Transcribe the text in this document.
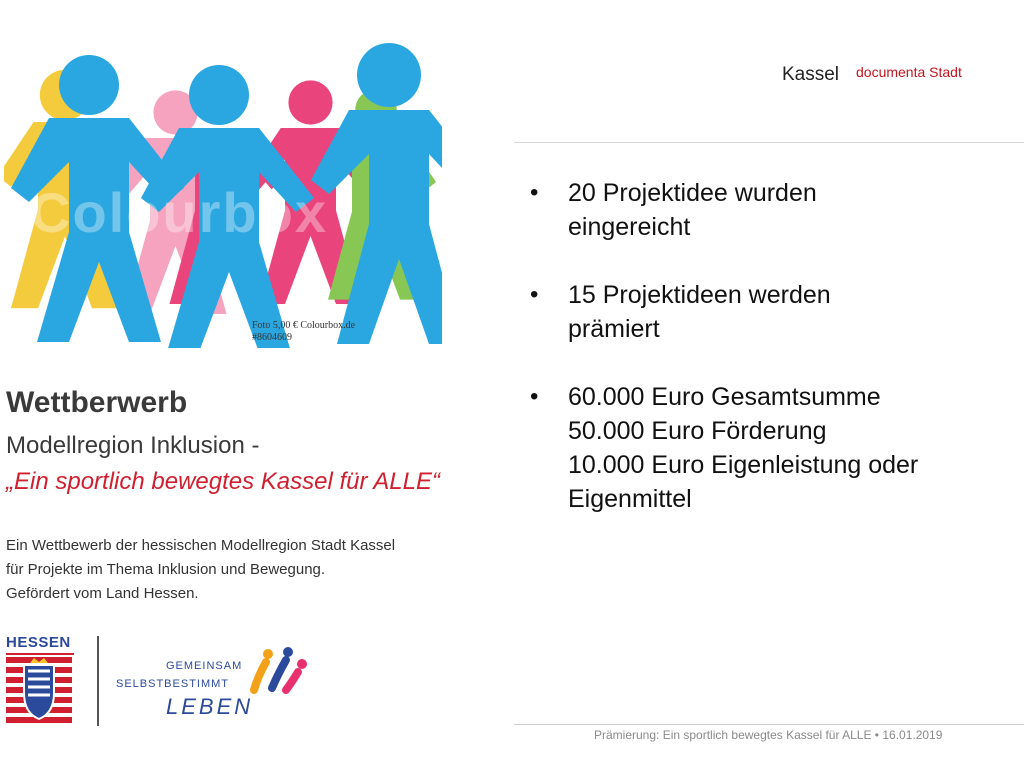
Colourbox
Foto 5,00 € Colourbox.de
#8604609
Wettberwerb
Modellregion Inklusion -
„Ein sportlich bewegtes Kassel für ALLE“
Ein Wettbewerb der hessischen Modellregion Stadt Kassel
für Projekte im Thema Inklusion und Bewegung.
Gefördert vom Land Hessen.
HESSEN
GEMEINSAM
SELBSTBESTIMMT
LEBEN
Kassel documenta Stadt
• 20 Projektidee wurden
eingereicht
• 15 Projektideen werden
prämiert
• 60.000 Euro Gesamtsumme
50.000 Euro Förderung
10.000 Euro Eigenleistung oder
Eigenmittel
Prämierung: Ein sportlich bewegtes Kassel für ALLE • 16.01.2019
